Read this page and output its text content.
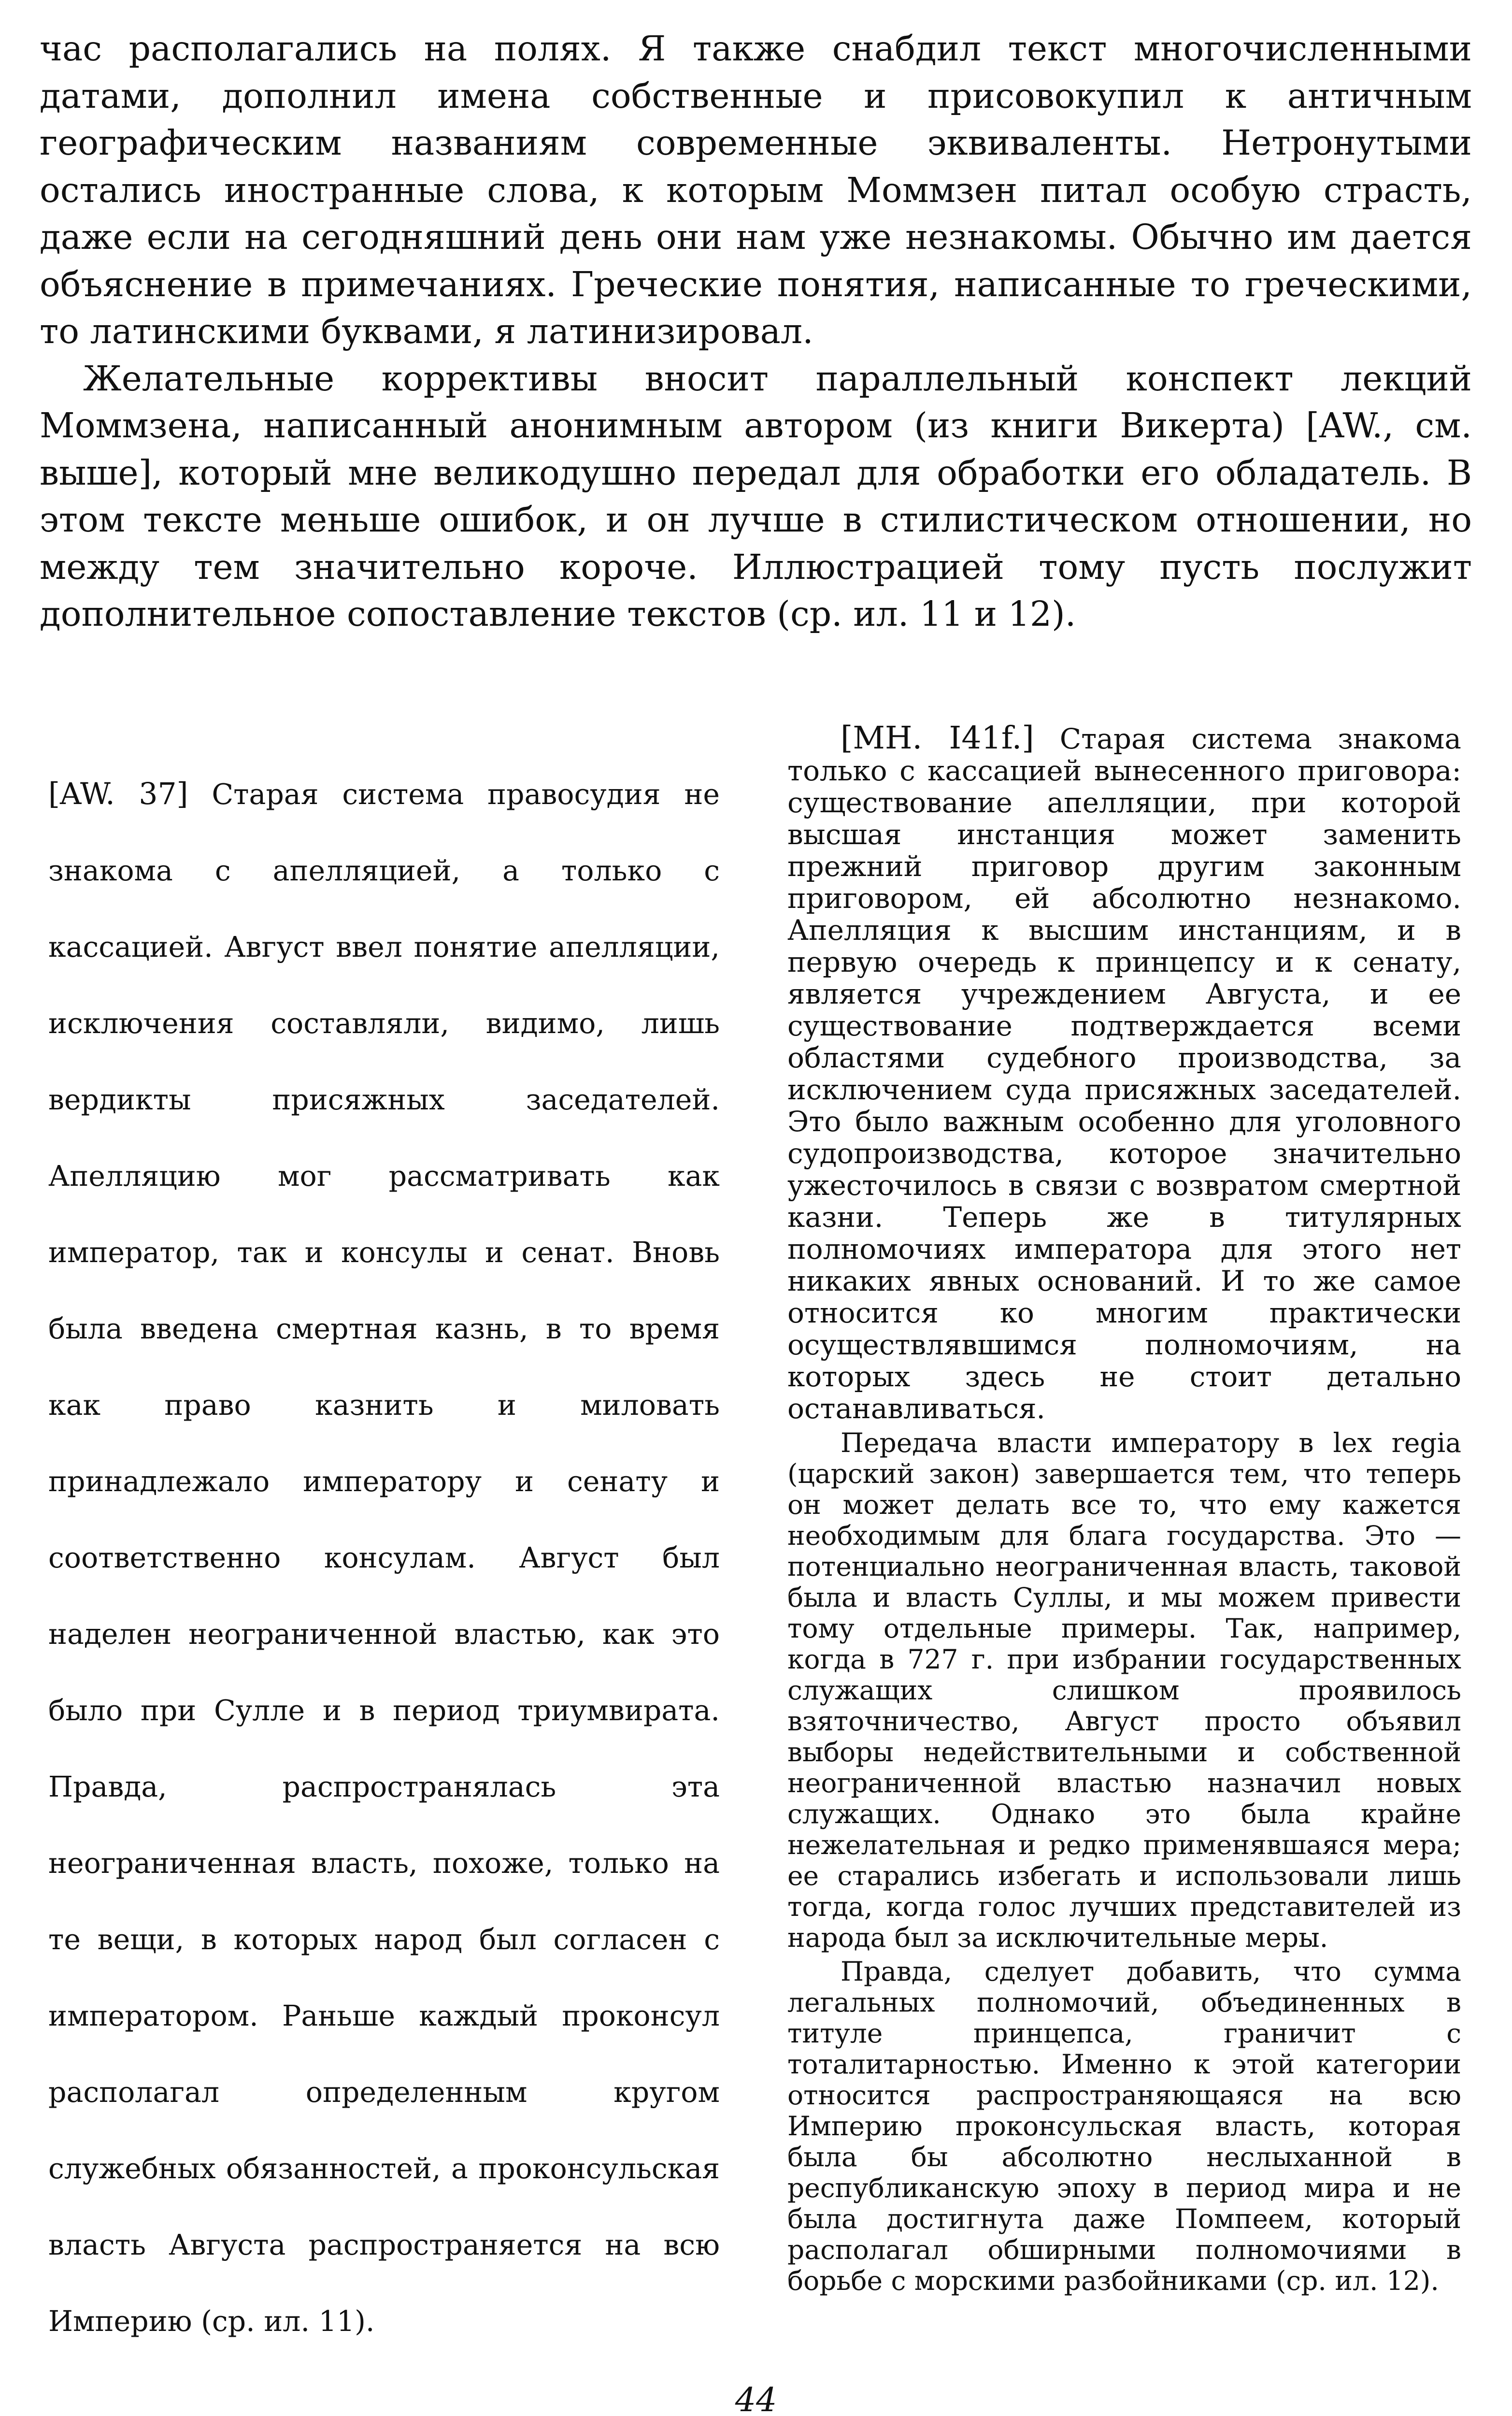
час располагались на полях. Я также снабдил текст многочисленными датами, дополнил имена собственные и присовокупил к античным географическим названиям современные эквиваленты. Нетронутыми остались иностранные слова, к которым Моммзен питал особую страсть, даже если на сегодняшний день они нам уже незнакомы. Обычно им дается объяснение в примечаниях. Греческие понятия, написанные то греческими, то латинскими буквами, я латинизировал.

Желательные коррективы вносит параллельный конспект лекций Моммзена, написанный анонимным автором (из книги Викерта) [AW., см. выше], который мне великодушно передал для обработки его обладатель. В этом тексте меньше ошибок, и он лучше в стилистическом отношении, но между тем значительно короче. Иллюстрацией тому пусть послужит дополнительное сопоставление текстов (ср. ил. 11 и 12).

[AW. 37] Старая система правосудия не знакома с апелляцией, а только с кассацией. Август ввел понятие апелляции, исключения составляли, видимо, лишь вердикты присяжных заседателей. Апелляцию мог рассматривать как император, так и консулы и сенат. Вновь была введена смертная казнь, в то время как право казнить и миловать принадлежало императору и сенату и соответственно консулам. Август был наделен неограниченной властью, как это было при Сулле и в период триумвирата. Правда, распространялась эта неограниченная власть, похоже, только на те вещи, в которых народ был согласен с императором. Раньше каждый проконсул располагал определенным кругом служебных обязанностей, а проконсульская власть Августа распространяется на всю Империю (ср. ил. 11).

[MH. I41f.] Старая система знакома только с кассацией вынесенного приговора: существование апелляции, при которой высшая инстанция может заменить прежний приговор другим законным приговором, ей абсолютно незнакомо. Апелляция к высшим инстанциям, и в первую очередь к принцепсу и к сенату, является учреждением Августа, и ее существование подтверждается всеми областями судебного производства, за исключением суда присяжных заседателей. Это было важным особенно для уголовного судопроизводства, которое значительно ужесточилось в связи с возвратом смертной казни. Теперь же в титулярных полномочиях императора для этого нет никаких явных оснований. И то же самое относится ко многим практически осуществлявшимся полномочиям, на которых здесь не стоит детально останавливаться.

Передача власти императору в lex regia (царский закон) завершается тем, что теперь он может делать все то, что ему кажется необходимым для блага государства. Это — потенциально неограниченная власть, таковой была и власть Суллы, и мы можем привести тому отдельные примеры. Так, например, когда в 727 г. при избрании государственных служащих слишком проявилось взяточничество, Август просто объявил выборы недействительными и собственной неограниченной властью назначил новых служащих. Однако это была крайне нежелательная и редко применявшаяся мера; ее старались избегать и использовали лишь тогда, когда голос лучших представителей из народа был за исключительные меры.

Правда, сделует добавить, что сумма легальных полномочий, объединенных в титуле принцепса, граничит с тоталитарностью. Именно к этой категории относится распространяющаяся на всю Империю проконсульская власть, которая была бы абсолютно неслыханной в республиканскую эпоху в период мира и не была достигнута даже Помпеем, который располагал обширными полномочиями в борьбе с морскими разбойниками (ср. ил. 12).

44
